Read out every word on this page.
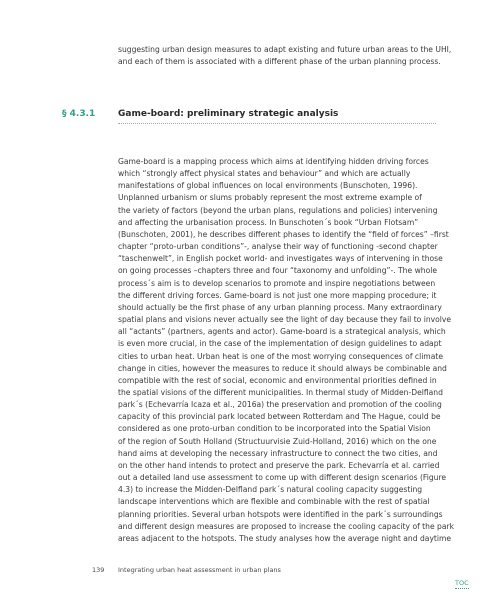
suggesting urban design measures to adapt existing and future urban areas to the UHI,
and each of them is associated with a different phase of the urban planning process.
§ 4.3.1	Game-board: preliminary strategic analysis
Game-board is a mapping process which aims at identifying hidden driving forces
which “strongly affect physical states and behaviour” and which are actually
manifestations of global influences on local environments (Bunschoten, 1996).
Unplanned urbanism or slums probably represent the most extreme example of
the variety of factors (beyond the urban plans, regulations and policies) intervening
and affecting the urbanisation process. In Bunschoten´s book “Urban Flotsam”
(Bunschoten, 2001), he describes different phases to identify the “field of forces” –first
chapter “proto-urban conditions”-, analyse their way of functioning -second chapter
“taschenwelt”, in English pocket world- and investigates ways of intervening in those
on going processes –chapters three and four “taxonomy and unfolding”-. The whole
process´s aim is to develop scenarios to promote and inspire negotiations between
the different driving forces. Game-board is not just one more mapping procedure; it
should actually be the first phase of any urban planning process. Many extraordinary
spatial plans and visions never actually see the light of day because they fail to involve
all “actants” (partners, agents and actor). Game-board is a strategical analysis, which
is even more crucial, in the case of the implementation of design guidelines to adapt
cities to urban heat. Urban heat is one of the most worrying consequences of climate
change in cities, however the measures to reduce it should always be combinable and
compatible with the rest of social, economic and environmental priorities defined in
the spatial visions of the different municipalities. In thermal study of Midden-Delfland
park´s (Echevarría Icaza et al., 2016a) the preservation and promotion of the cooling
capacity of this provincial park located between Rotterdam and The Hague, could be
considered as one proto-urban condition to be incorporated into the Spatial Vision
of the region of South Holland (Structuurvisie Zuid-Holland, 2016) which on the one
hand aims at developing the necessary infrastructure to connect the two cities, and
on the other hand intends to protect and preserve the park. Echevarría et al. carried
out a detailed land use assessment to come up with different design scenarios (Figure
4.3) to increase the Midden-Delfland park´s natural cooling capacity suggesting
landscape interventions which are flexible and combinable with the rest of spatial
planning priorities. Several urban hotspots were identified in the park´s surroundings
and different design measures are proposed to increase the cooling capacity of the park
areas adjacent to the hotspots. The study analyses how the average night and daytime
139 Integrating urban heat assessment in urban plans
TOC
